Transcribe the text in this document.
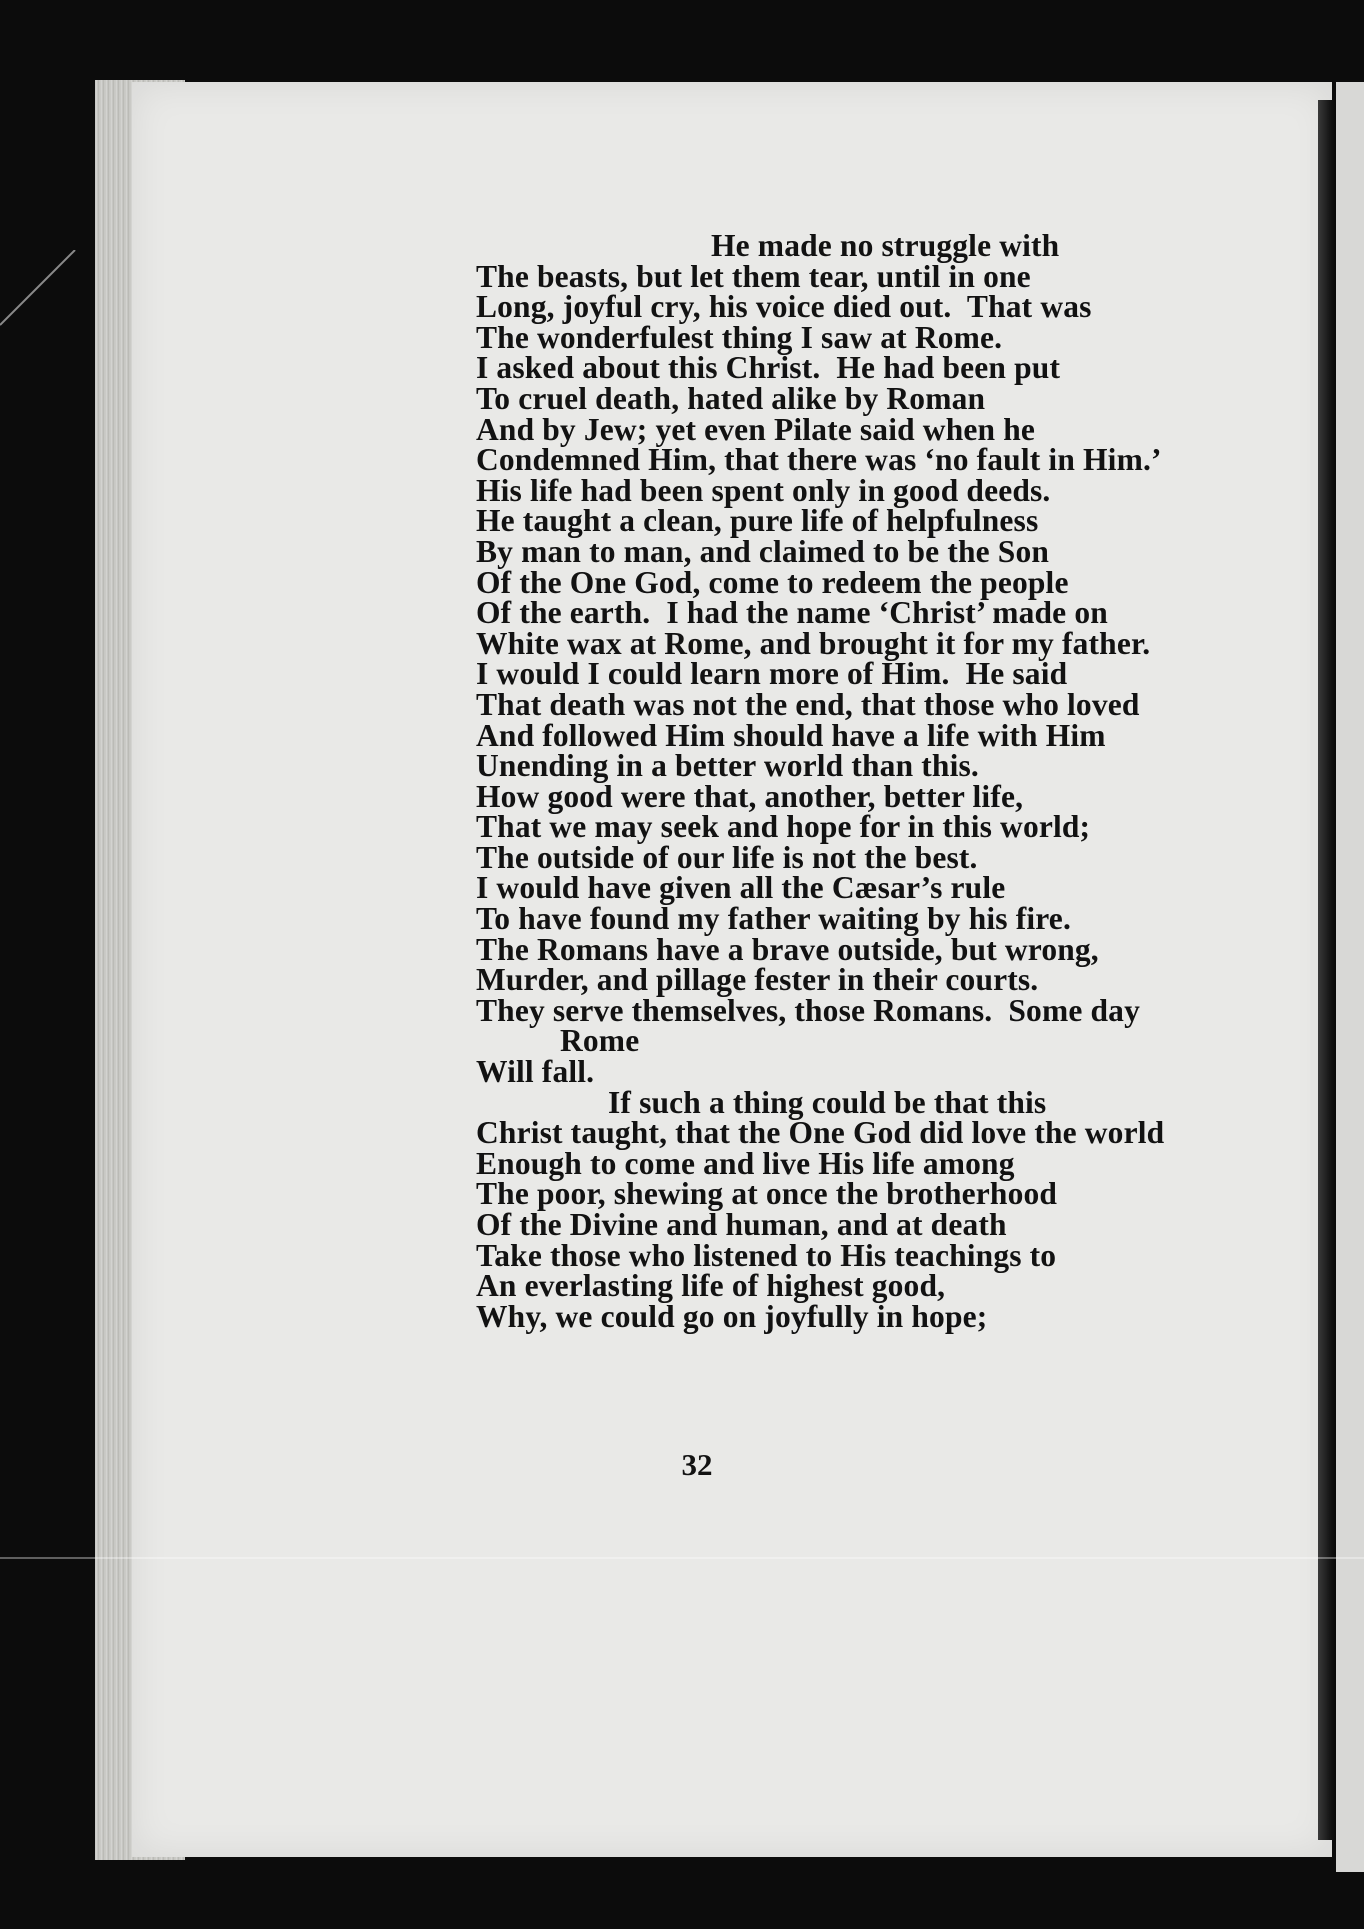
He made no struggle with
The beasts, but let them tear, until in one
Long, joyful cry, his voice died out.  That was
The wonderfulest thing I saw at Rome.
I asked about this Christ.  He had been put
To cruel death, hated alike by Roman
And by Jew; yet even Pilate said when he
Condemned Him, that there was ‘no fault in Him.’
His life had been spent only in good deeds.
He taught a clean, pure life of helpfulness
By man to man, and claimed to be the Son
Of the One God, come to redeem the people
Of the earth.  I had the name ‘Christ’ made on
White wax at Rome, and brought it for my father.
I would I could learn more of Him.  He said
That death was not the end, that those who loved
And followed Him should have a life with Him
Unending in a better world than this.
How good were that, another, better life,
That we may seek and hope for in this world;
The outside of our life is not the best.
I would have given all the Cæsar’s rule
To have found my father waiting by his fire.
The Romans have a brave outside, but wrong,
Murder, and pillage fester in their courts.
They serve themselves, those Romans.  Some day
Rome
Will fall.
If such a thing could be that this
Christ taught, that the One God did love the world
Enough to come and live His life among
The poor, shewing at once the brotherhood
Of the Divine and human, and at death
Take those who listened to His teachings to
An everlasting life of highest good,
Why, we could go on joyfully in hope;
32
